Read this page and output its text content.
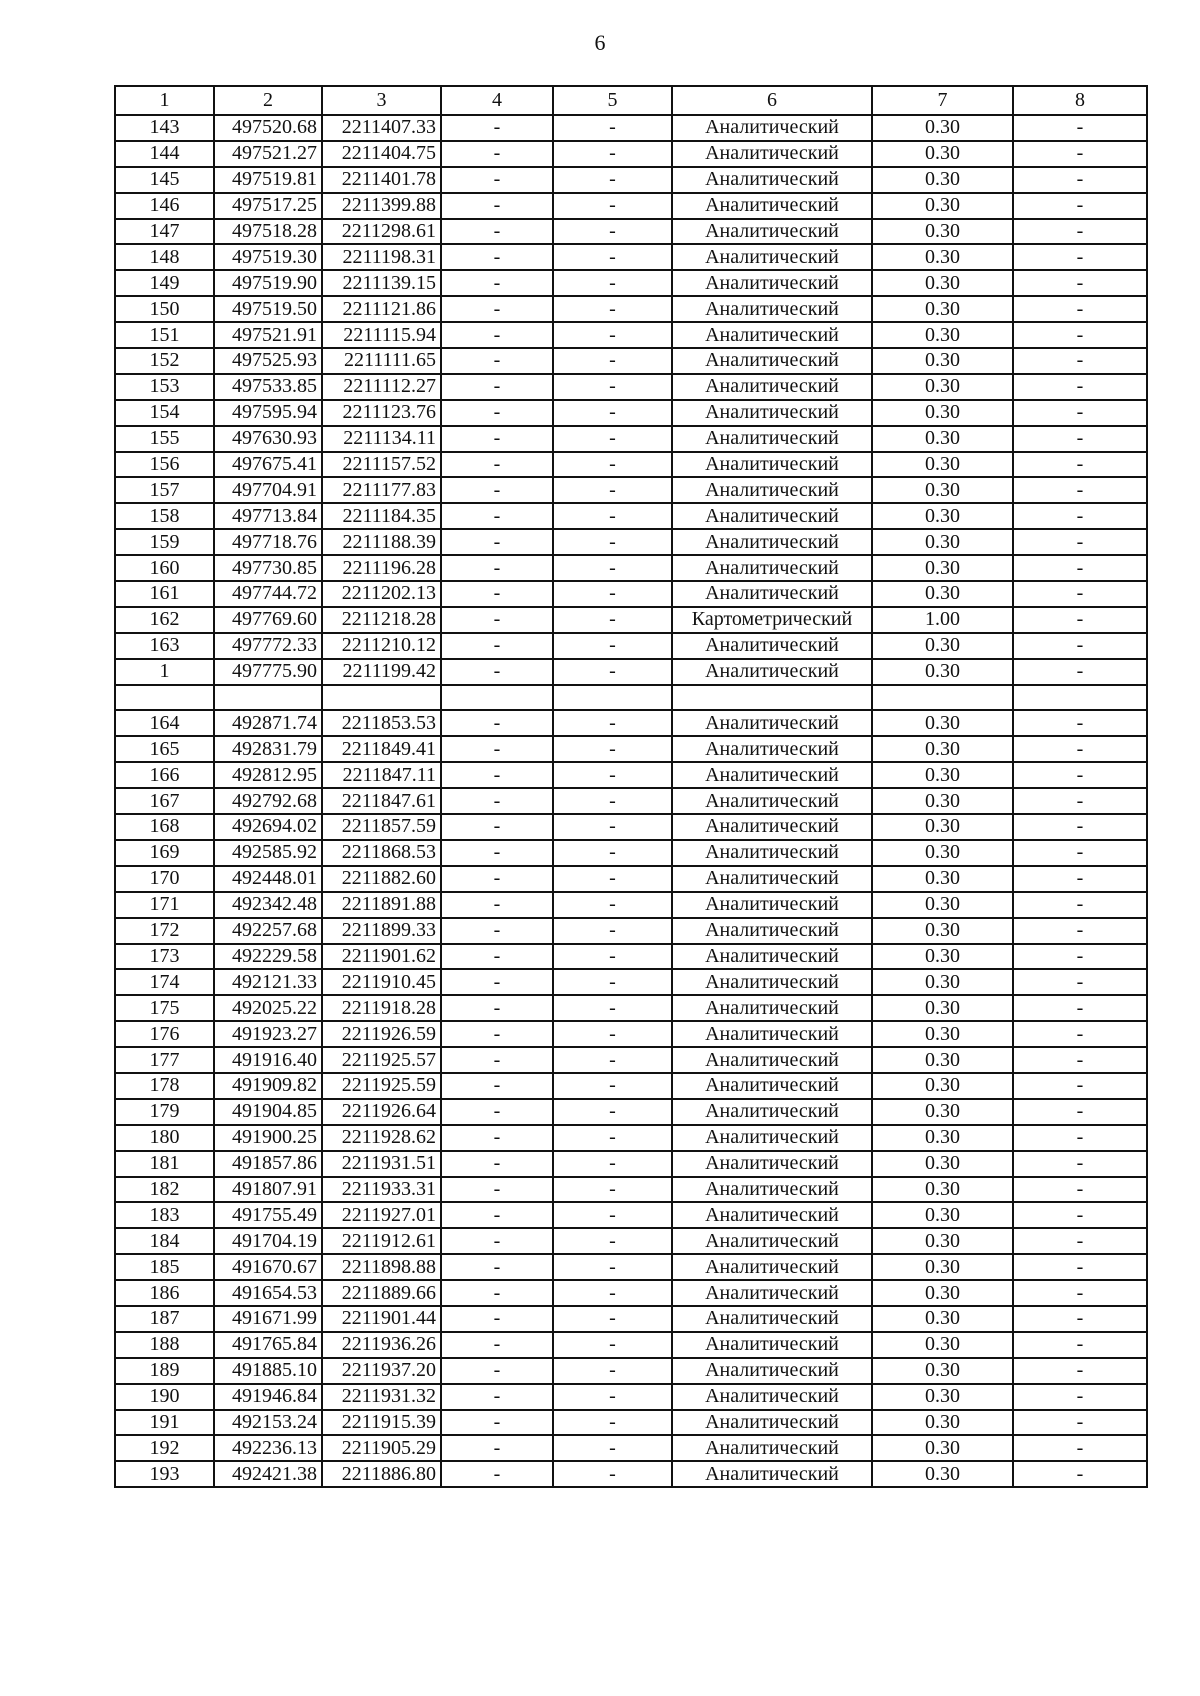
6
1	2	3	4	5	6	7	8
143	497520.68	2211407.33	-	-	Аналитический	0.30	-
144	497521.27	2211404.75	-	-	Аналитический	0.30	-
145	497519.81	2211401.78	-	-	Аналитический	0.30	-
146	497517.25	2211399.88	-	-	Аналитический	0.30	-
147	497518.28	2211298.61	-	-	Аналитический	0.30	-
148	497519.30	2211198.31	-	-	Аналитический	0.30	-
149	497519.90	2211139.15	-	-	Аналитический	0.30	-
150	497519.50	2211121.86	-	-	Аналитический	0.30	-
151	497521.91	2211115.94	-	-	Аналитический	0.30	-
152	497525.93	2211111.65	-	-	Аналитический	0.30	-
153	497533.85	2211112.27	-	-	Аналитический	0.30	-
154	497595.94	2211123.76	-	-	Аналитический	0.30	-
155	497630.93	2211134.11	-	-	Аналитический	0.30	-
156	497675.41	2211157.52	-	-	Аналитический	0.30	-
157	497704.91	2211177.83	-	-	Аналитический	0.30	-
158	497713.84	2211184.35	-	-	Аналитический	0.30	-
159	497718.76	2211188.39	-	-	Аналитический	0.30	-
160	497730.85	2211196.28	-	-	Аналитический	0.30	-
161	497744.72	2211202.13	-	-	Аналитический	0.30	-
162	497769.60	2211218.28	-	-	Картометрический	1.00	-
163	497772.33	2211210.12	-	-	Аналитический	0.30	-
1	497775.90	2211199.42	-	-	Аналитический	0.30	-

164	492871.74	2211853.53	-	-	Аналитический	0.30	-
165	492831.79	2211849.41	-	-	Аналитический	0.30	-
166	492812.95	2211847.11	-	-	Аналитический	0.30	-
167	492792.68	2211847.61	-	-	Аналитический	0.30	-
168	492694.02	2211857.59	-	-	Аналитический	0.30	-
169	492585.92	2211868.53	-	-	Аналитический	0.30	-
170	492448.01	2211882.60	-	-	Аналитический	0.30	-
171	492342.48	2211891.88	-	-	Аналитический	0.30	-
172	492257.68	2211899.33	-	-	Аналитический	0.30	-
173	492229.58	2211901.62	-	-	Аналитический	0.30	-
174	492121.33	2211910.45	-	-	Аналитический	0.30	-
175	492025.22	2211918.28	-	-	Аналитический	0.30	-
176	491923.27	2211926.59	-	-	Аналитический	0.30	-
177	491916.40	2211925.57	-	-	Аналитический	0.30	-
178	491909.82	2211925.59	-	-	Аналитический	0.30	-
179	491904.85	2211926.64	-	-	Аналитический	0.30	-
180	491900.25	2211928.62	-	-	Аналитический	0.30	-
181	491857.86	2211931.51	-	-	Аналитический	0.30	-
182	491807.91	2211933.31	-	-	Аналитический	0.30	-
183	491755.49	2211927.01	-	-	Аналитический	0.30	-
184	491704.19	2211912.61	-	-	Аналитический	0.30	-
185	491670.67	2211898.88	-	-	Аналитический	0.30	-
186	491654.53	2211889.66	-	-	Аналитический	0.30	-
187	491671.99	2211901.44	-	-	Аналитический	0.30	-
188	491765.84	2211936.26	-	-	Аналитический	0.30	-
189	491885.10	2211937.20	-	-	Аналитический	0.30	-
190	491946.84	2211931.32	-	-	Аналитический	0.30	-
191	492153.24	2211915.39	-	-	Аналитический	0.30	-
192	492236.13	2211905.29	-	-	Аналитический	0.30	-
193	492421.38	2211886.80	-	-	Аналитический	0.30	-
